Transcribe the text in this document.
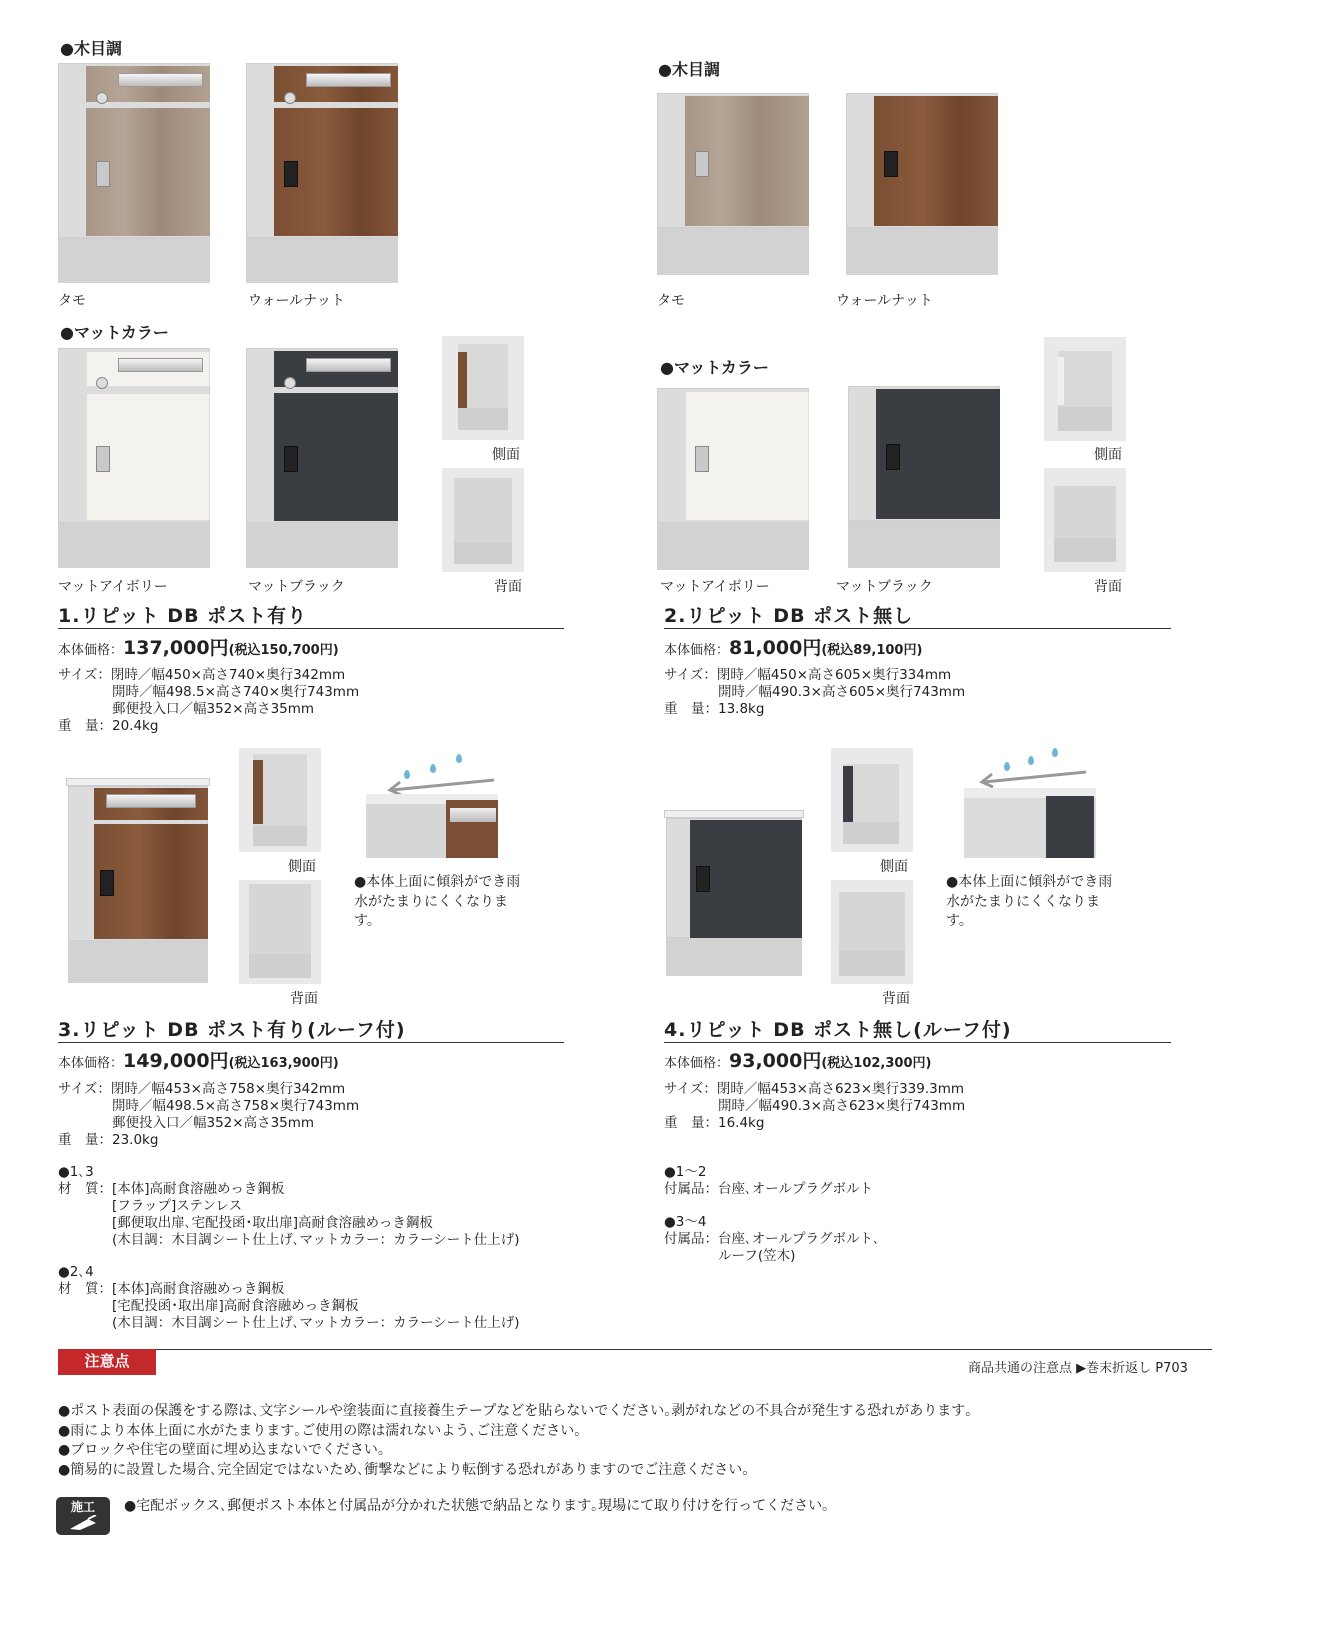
●木目調
タモ	ウォールナット
●マットカラー
側面
背面
マットアイボリー	マットブラック
●木目調
タモ	ウォールナット
●マットカラー
側面
背面
マットアイボリー	マットブラック
1.リピット DB ポスト有り
本体価格：137,000円(税込150,700円)
サイズ：閉時／幅450×高さ740×奥行342mm
　　　　開時／幅498.5×高さ740×奥行743mm
　　　　郵便投入口／幅352×高さ35mm
重　量：20.4kg
2.リピット DB ポスト無し
本体価格：81,000円(税込89,100円)
サイズ：閉時／幅450×高さ605×奥行334mm
　　　　開時／幅490.3×高さ605×奥行743mm
重　量：13.8kg
側面
背面
●本体上面に傾斜ができ雨水がたまりにくくなります。
側面
背面
●本体上面に傾斜ができ雨水がたまりにくくなります。
3.リピット DB ポスト有り(ルーフ付)
本体価格：149,000円(税込163,900円)
サイズ：閉時／幅453×高さ758×奥行342mm
　　　　開時／幅498.5×高さ758×奥行743mm
　　　　郵便投入口／幅352×高さ35mm
重　量：23.0kg
4.リピット DB ポスト無し(ルーフ付)
本体価格：93,000円(税込102,300円)
サイズ：閉時／幅453×高さ623×奥行339.3mm
　　　　開時／幅490.3×高さ623×奥行743mm
重　量：16.4kg
●1､3
材　質：[本体]高耐食溶融めっき鋼板
　　　　[フラップ]ステンレス
　　　　[郵便取出扉､宅配投函･取出扉]高耐食溶融めっき鋼板
　　　　(木目調：木目調シート仕上げ､マットカラー：カラーシート仕上げ)
●2､4
材　質：[本体]高耐食溶融めっき鋼板
　　　　[宅配投函･取出扉]高耐食溶融めっき鋼板
　　　　(木目調：木目調シート仕上げ､マットカラー：カラーシート仕上げ)
●1～2
付属品：台座､オールプラグボルト
●3～4
付属品：台座､オールプラグボルト､
　　　　ルーフ(笠木)
注意点	商品共通の注意点 ▶巻末折返し P703
●ポスト表面の保護をする際は､文字シールや塗装面に直接養生テープなどを貼らないでください｡剥がれなどの不具合が発生する恐れがあります｡
●雨により本体上面に水がたまります｡ご使用の際は濡れないよう､ご注意ください｡
●ブロックや住宅の壁面に埋め込まないでください｡
●簡易的に設置した場合､完全固定ではないため､衝撃などにより転倒する恐れがありますのでご注意ください｡
施工	●宅配ボックス､郵便ポスト本体と付属品が分かれた状態で納品となります｡現場にて取り付けを行ってください｡
